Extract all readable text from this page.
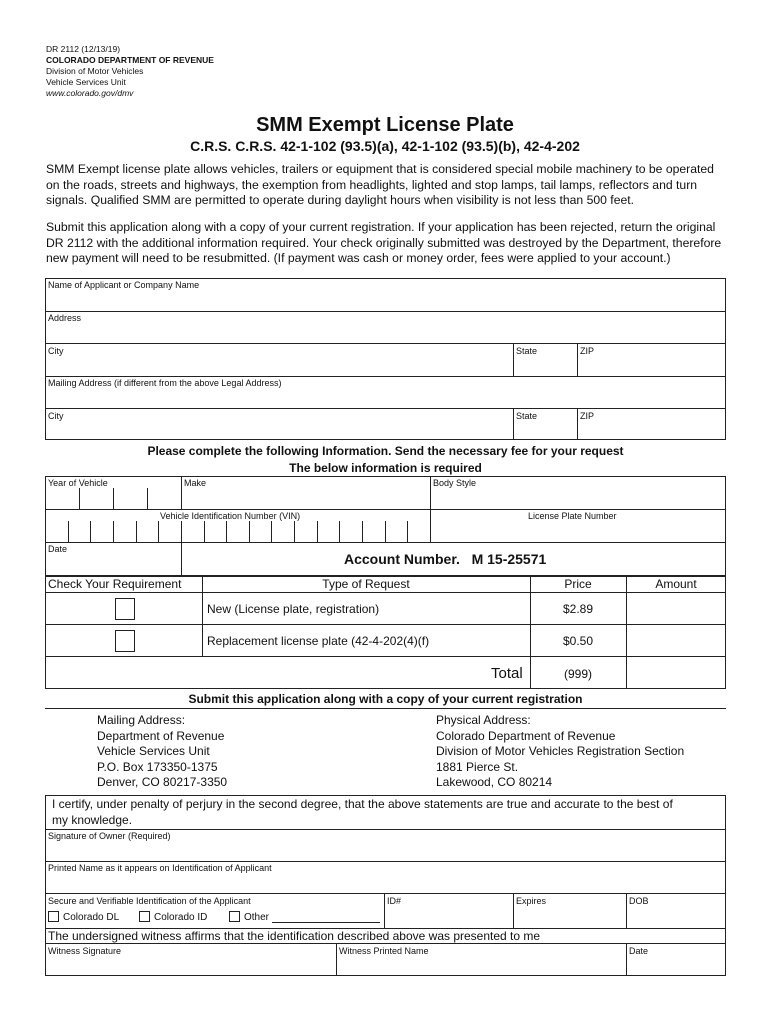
DR 2112 (12/13/19)
COLORADO DEPARTMENT OF REVENUE
Division of Motor Vehicles
Vehicle Services Unit
www.colorado.gov/dmv
SMM Exempt License Plate
C.R.S. C.R.S. 42-1-102 (93.5)(a), 42-1-102 (93.5)(b), 42-4-202
SMM Exempt license plate allows vehicles, trailers or equipment that is considered special mobile machinery to be operated
on the roads, streets and highways, the exemption from headlights, lighted and stop lamps, tail lamps, reflectors and turn
signals. Qualified SMM are permitted to operate during daylight hours when visibility is not less than 500 feet.
Submit this application along with a copy of your current registration. If your application has been rejected, return the original
DR 2112 with the additional information required. Your check originally submitted was destroyed by the Department, therefore
new payment will need to be resubmitted. (If payment was cash or money order, fees were applied to your account.)
Name of Applicant or Company Name
Address
City	State	ZIP
Mailing Address (if different from the above Legal Address)
City	State	ZIP
Please complete the following Information. Send the necessary fee for your request
The below information is required
Year of Vehicle	Make	Body Style
Vehicle Identification Number (VIN)	License Plate Number
Date
Account Number.   M 15-25571
Check Your Requirement	Type of Request	Price	Amount
New (License plate, registration)	$2.89
Replacement license plate (42-4-202(4)(f)	$0.50
Total	(999)
Submit this application along with a copy of your current registration
Mailing Address:
Department of Revenue
Vehicle Services Unit
P.O. Box 173350-1375
Denver, CO 80217-3350
Physical Address:
Colorado Department of Revenue
Division of Motor Vehicles Registration Section
1881 Pierce St.
Lakewood, CO 80214
I certify, under penalty of perjury in the second degree, that the above statements are true and accurate to the best of
my knowledge.
Signature of Owner (Required)
Printed Name as it appears on Identification of Applicant
Secure and Verifiable Identification of the Applicant	ID#	Expires	DOB
Colorado DL	Colorado ID	Other
The undersigned witness affirms that the identification described above was presented to me
Witness Signature	Witness Printed Name	Date
